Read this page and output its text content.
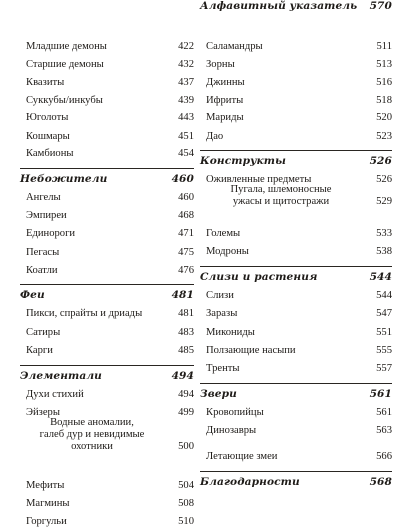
Младшие демоны	422
Старшие демоны	432
Квазиты	437
Суккубы/инкубы	439
Юголоты	443
Кошмары	451
Камбионы	454
Небожители	460
Ангелы	460
Эмпиреи	468
Единороги	471
Пегасы	475
Коатли	476
Феи	481
Пикси, спрайты и дриады	481
Сатиры	483
Карги	485
Элементали	494
Духи стихий	494
Эйзеры	499
Водные аномалии,
галеб дур и невидимые
охотники	500
Мефиты	504
Магмины	508
Горгульи	510
Саламандры	511
Зорны	513
Джинны	516
Ифриты	518
Мариды	520
Дао	523
Конструкты	526
Оживленные предметы	526
Пугала, шлемоносные
ужасы и щитостражи	529
Големы	533
Модроны	538
Слизи и растения	544
Слизи	544
Заразы	547
Микониды	551
Ползающие насыпи	555
Тренты	557
Звери	561
Кровопийцы	561
Динозавры	563
Летающие змеи	566
Благодарности	568
Алфавитный указатель 570
